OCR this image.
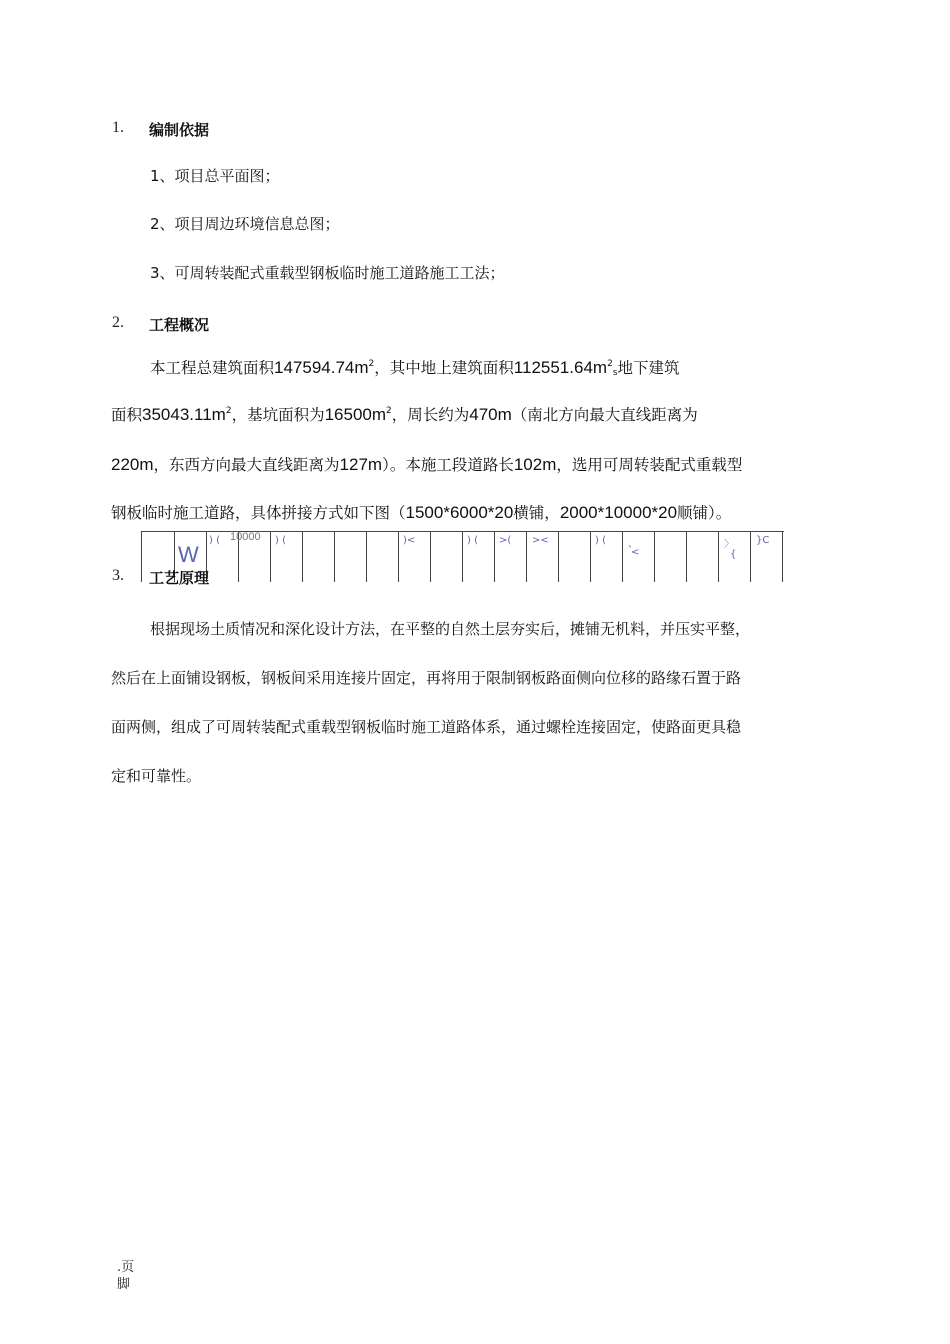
1. 编制依据
1、项目总平面图；
2、项目周边环境信息总图；
3、可周转装配式重载型钢板临时施工道路施工工法；
2. 工程概况
本工程总建筑面积$147594.74m^2$，其中地上建筑面积$112551.64m^2_s$地下建筑
面积$35043.11m^2$，基坑面积为$16500m^2$，周长约为470m（南北方向最大直线距离为
220m，东西方向最大直线距离为127m）。本施工段道路长102m，选用可周转装配式重载型
钢板临时施工道路，具体拼接方式如下图（1500*6000*20横铺，2000*10000*20顺铺）。
W
10000
) (	) (	)<	) ( >( ><	) ( 、
<
〉
{
}C
3. 工艺原理
根据现场土质情况和深化设计方法，在平整的自然土层夯实后，摊铺无机料，并压实平整，
然后在上面铺设钢板，钢板间采用连接片固定，再将用于限制钢板路面侧向位移的路缘石置于路
面两侧，组成了可周转装配式重载型钢板临时施工道路体系，通过螺栓连接固定，使路面更具稳
定和可靠性。
.页
脚
